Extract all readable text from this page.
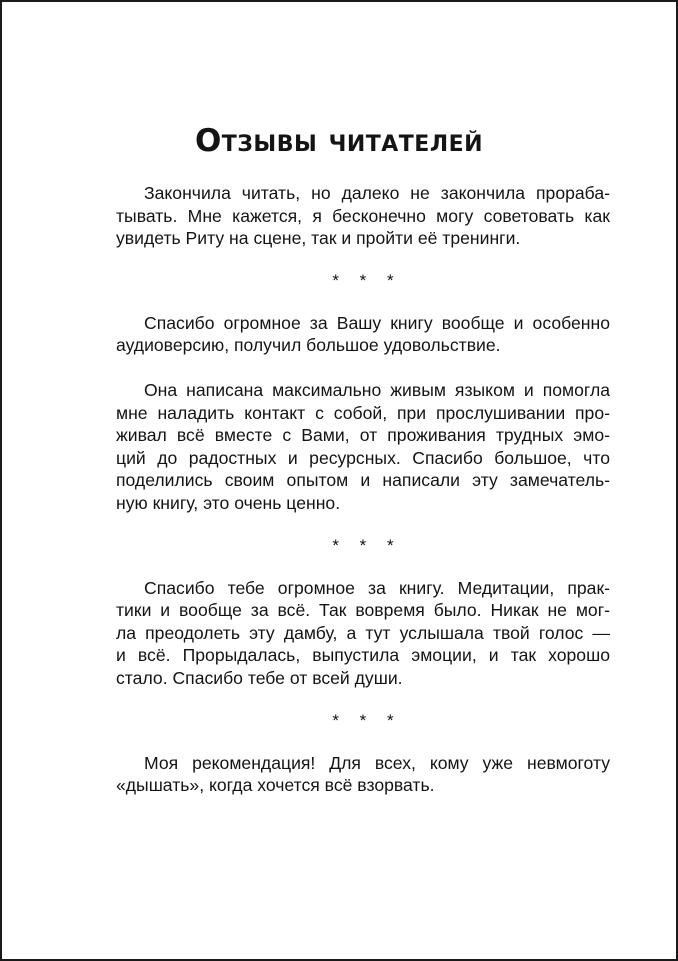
Отзывы читателей

Закончила читать, но далеко не закончила прораба-
тывать. Мне кажется, я бесконечно могу советовать как
увидеть Риту на сцене, так и пройти её тренинги.

* * *

Спасибо огромное за Вашу книгу вообще и особенно
аудиоверсию, получил большое удовольствие.

Она написана максимально живым языком и помогла
мне наладить контакт с собой, при прослушивании про-
живал всё вместе с Вами, от проживания трудных эмо-
ций до радостных и ресурсных. Спасибо большое, что
поделились своим опытом и написали эту замечатель-
ную книгу, это очень ценно.

* * *

Спасибо тебе огромное за книгу. Медитации, прак-
тики и вообще за всё. Так вовремя было. Никак не мог-
ла преодолеть эту дамбу, а тут услышала твой голос —
и всё. Прорыдалась, выпустила эмоции, и так хорошо
стало. Спасибо тебе от всей души.

* * *

Моя рекомендация! Для всех, кому уже невмоготу
«дышать», когда хочется всё взорвать.
